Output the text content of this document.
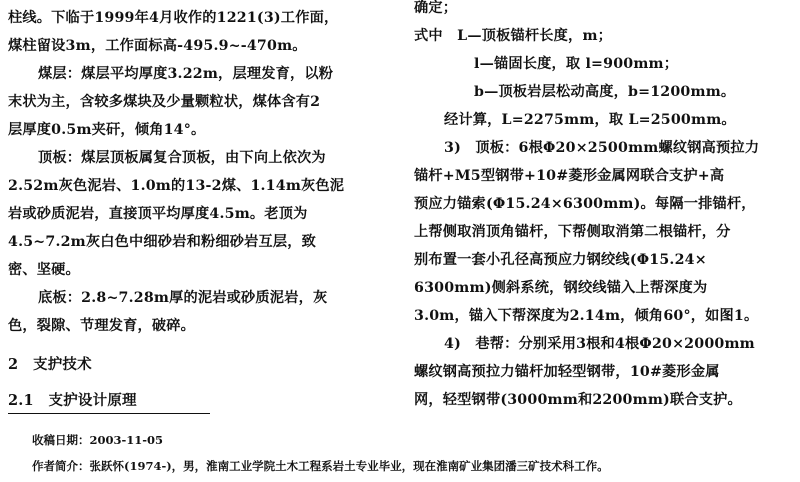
柱线。下临于1999年4月收作的1221(3)工作面，
煤柱留设3m，工作面标高-495.9~-470m。
煤层：煤层平均厚度3.22m，层理发育，以粉
末状为主，含较多煤块及少量颗粒状，煤体含有2
层厚度0.5m夹矸，倾角14°。
顶板：煤层顶板属复合顶板，由下向上依次为
2.52m灰色泥岩、1.0m的13-2煤、1.14m灰色泥
岩或砂质泥岩，直接顶平均厚度4.5m。老顶为
4.5~7.2m灰白色中细砂岩和粉细砂岩互层，致
密、坚硬。
底板：2.8~7.28m厚的泥岩或砂质泥岩，灰
色，裂隙、节理发育，破碎。
2　支护技术
2.1　支护设计原理
确定；
式中　L—顶板锚杆长度，m；
l—锚固长度，取 l=900mm；
b—顶板岩层松动高度，b=1200mm。
经计算，L=2275mm，取 L=2500mm。
3)　顶板：6根Φ20×2500mm螺纹钢高预拉力
锚杆+M5型钢带+10#菱形金属网联合支护+高
预应力锚索(Φ15.24×6300mm)。每隔一排锚杆，
上帮侧取消顶角锚杆，下帮侧取消第二根锚杆，分
别布置一套小孔径高预应力钢绞线(Φ15.24×
6300mm)侧斜系统，钢绞线锚入上帮深度为
3.0m，锚入下帮深度为2.14m，倾角60°，如图1。
4)　巷帮：分别采用3根和4根Φ20×2000mm
螺纹钢高预拉力锚杆加轻型钢带，10#菱形金属
网，轻型钢带(3000mm和2200mm)联合支护。
收稿日期：2003-11-05
作者简介：张跃怀(1974-)，男，淮南工业学院土木工程系岩土专业毕业，现在淮南矿业集团潘三矿技术科工作。
